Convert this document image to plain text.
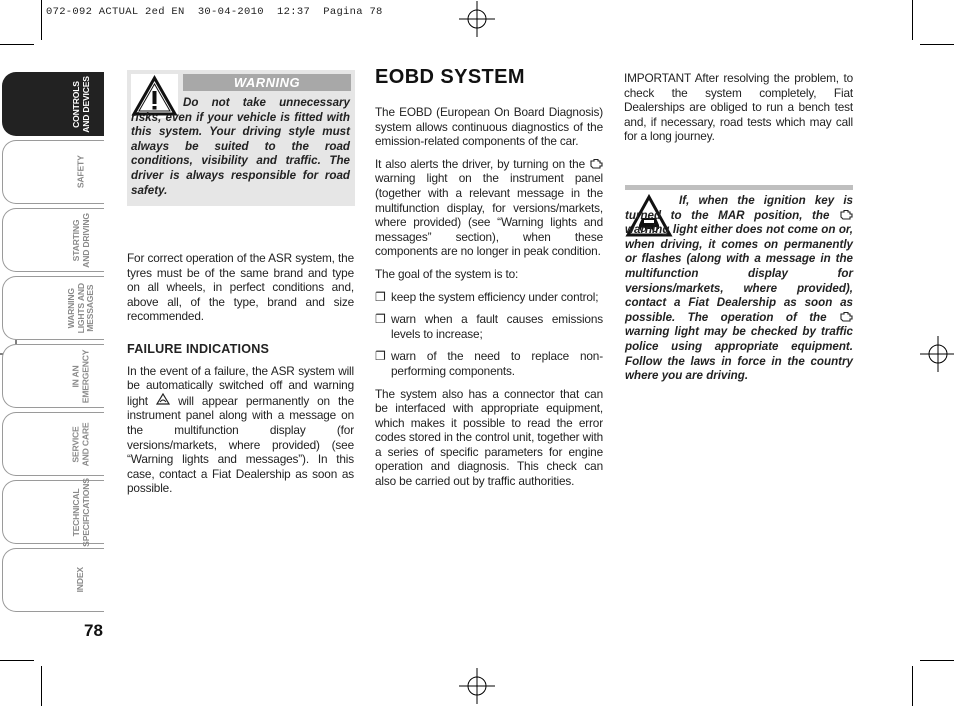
072-092 ACTUAL 2ed EN  30-04-2010  12:37  Pagina 78
CONTROLS
AND DEVICES
SAFETY
STARTING
AND DRIVING
WARNING
LIGHTS AND
MESSAGES
IN AN
EMERGENCY
SERVICE
AND CARE
TECHNICAL
SPECIFICATIONS
INDEX
78
WARNING
Do not take unnecessary risks, even if your vehicle is fitted with this system. Your driving style must always be suited to the road conditions, visibility and traffic. The driver is always responsible for road safety.

For correct operation of the ASR system, the tyres must be of the same brand and type on all wheels, in perfect conditions and, above all, of the type, brand and size recommended.

FAILURE INDICATIONS

In the event of a failure, the ASR system will be automatically switched off and warning light	will appear permanently on the instrument panel along with a message on the multifunction display (for versions/markets, where provided) (see “Warning lights and messages”). In this case, contact a Fiat Dealership as soon as possible.

EOBD SYSTEM

The EOBD (European On Board Diagnosis) system allows continuous diagnostics of the emission-related components of the car.

It also alerts the driver, by turning on the  warning light on the instrument panel (together with a relevant message in the multifunction display, for versions/markets, where provided) (see “Warning lights and messages” section), when these components are no longer in peak condition.

The goal of the system is to:

❐ keep the system efficiency under control;
❐ warn when a fault causes emissions levels to increase;
❐ warn of the need to replace non-performing components.

The system also has a connector that can be interfaced with appropriate equipment, which makes it possible to read the error codes stored in the control unit, together with a series of specific parameters for engine operation and diagnosis. This check can also be carried out by traffic authorities.

IMPORTANT After resolving the problem, to check the system completely, Fiat Dealerships are obliged to run a bench test and, if necessary, road tests which may call for a long journey.

If, when the ignition key is turned to the MAR position, the  warning light either does not come on or, when driving, it comes on permanently or flashes (along with a message in the multifunction display for versions/markets, where provided), contact a Fiat Dealership as soon as possible. The operation of the  warning light may be checked by traffic police using appropriate equipment. Follow the laws in force in the country where you are driving.
